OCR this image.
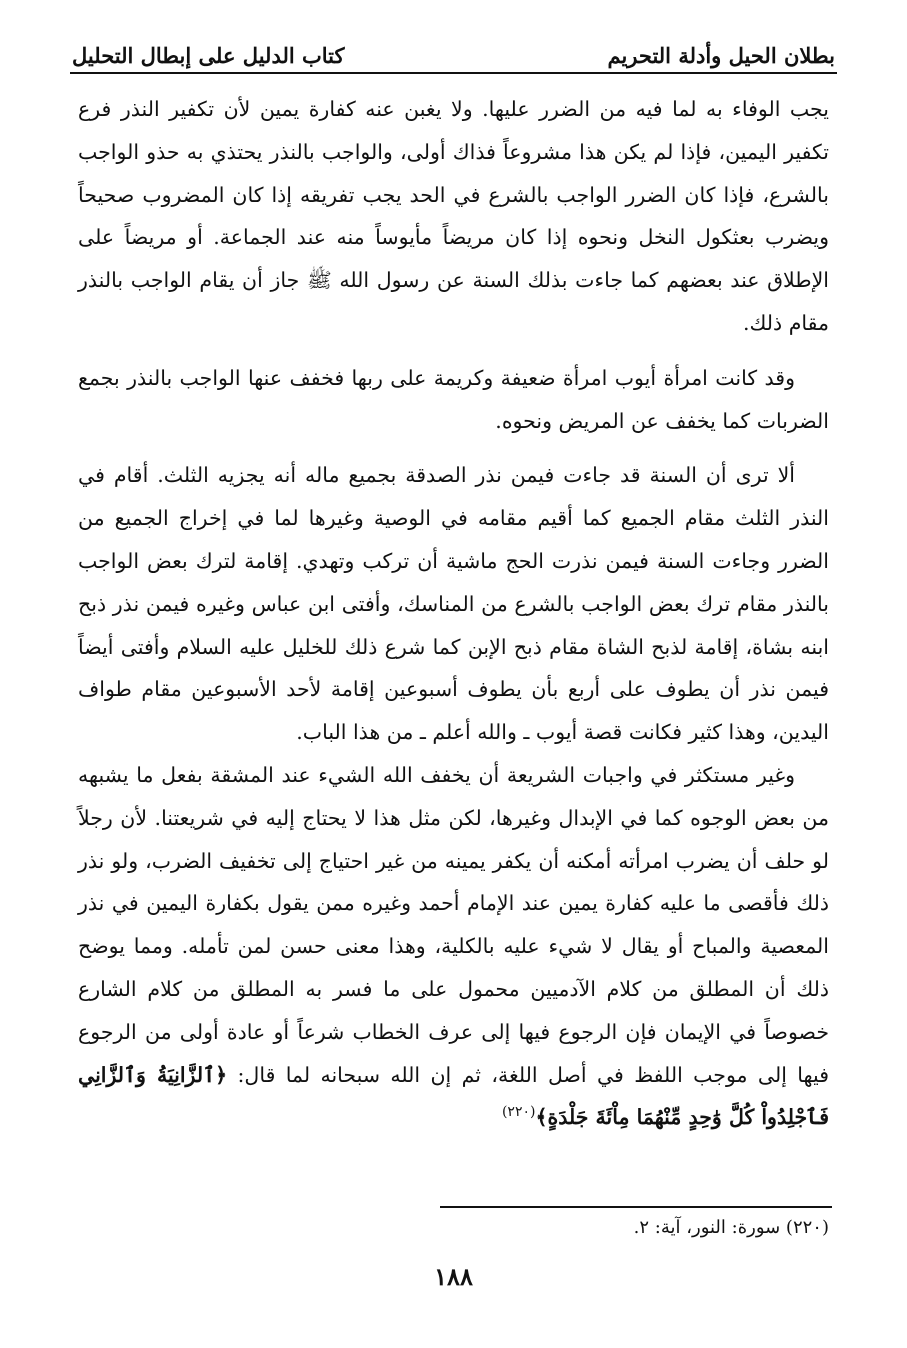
بطلان الحيل وأدلة التحريم
كتاب الدليل على إبطال التحليل

يجب الوفاء به لما فيه من الضرر عليها. ولا يغبن عنه كفارة يمين لأن تكفير النذر فرع تكفير اليمين، فإذا لم يكن هذا مشروعاً فذاك أولى، والواجب بالنذر يحتذي به حذو الواجب بالشرع، فإذا كان الضرر الواجب بالشرع في الحد يجب تفريقه إذا كان المضروب صحيحاً ويضرب بعثكول النخل ونحوه إذا كان مريضاً مأيوساً منه عند الجماعة. أو مريضاً على الإطلاق عند بعضهم كما جاءت بذلك السنة عن رسول الله ﷺ جاز أن يقام الواجب بالنذر مقام ذلك.

وقد كانت امرأة أيوب امرأة ضعيفة وكريمة على ربها فخفف عنها الواجب بالنذر بجمع الضربات كما يخفف عن المريض ونحوه.

ألا ترى أن السنة قد جاءت فيمن نذر الصدقة بجميع ماله أنه يجزيه الثلث. أقام في النذر الثلث مقام الجميع كما أقيم مقامه في الوصية وغيرها لما في إخراج الجميع من الضرر وجاءت السنة فيمن نذرت الحج ماشية أن تركب وتهدي. إقامة لترك بعض الواجب بالنذر مقام ترك بعض الواجب بالشرع من المناسك، وأفتى ابن عباس وغيره فيمن نذر ذبح ابنه بشاة، إقامة لذبح الشاة مقام ذبح الإبن كما شرع ذلك للخليل عليه السلام وأفتى أيضاً فيمن نذر أن يطوف على أربع بأن يطوف أسبوعين إقامة لأحد الأسبوعين مقام طواف اليدين، وهذا كثير فكانت قصة أيوب ـ والله أعلم ـ من هذا الباب.

وغير مستكثر في واجبات الشريعة أن يخفف الله الشيء عند المشقة بفعل ما يشبهه من بعض الوجوه كما في الإبدال وغيرها، لكن مثل هذا لا يحتاج إليه في شريعتنا. لأن رجلاً لو حلف أن يضرب امرأته أمكنه أن يكفر يمينه من غير احتياج إلى تخفيف الضرب، ولو نذر ذلك فأقصى ما عليه كفارة يمين عند الإمام أحمد وغيره ممن يقول بكفارة اليمين في نذر المعصية والمباح أو يقال لا شيء عليه بالكلية، وهذا معنى حسن لمن تأمله. ومما يوضح ذلك أن المطلق من كلام الآدميين محمول على ما فسر به المطلق من كلام الشارع خصوصاً في الإيمان فإن الرجوع فيها إلى عرف الخطاب شرعاً أو عادة أولى من الرجوع فيها إلى موجب اللفظ في أصل اللغة، ثم إن الله سبحانه لما قال: ﴿ٱلزَّانِيَةُ وَٱلزَّانِي فَٱجْلِدُواْ كُلَّ وَٰحِدٍ مِّنْهُمَا مِاْئَةَ جَلْدَةٍ﴾$^{(٢٢٠)}$

(٢٢٠) سورة: النور، آية: ٢.
١٨٨
